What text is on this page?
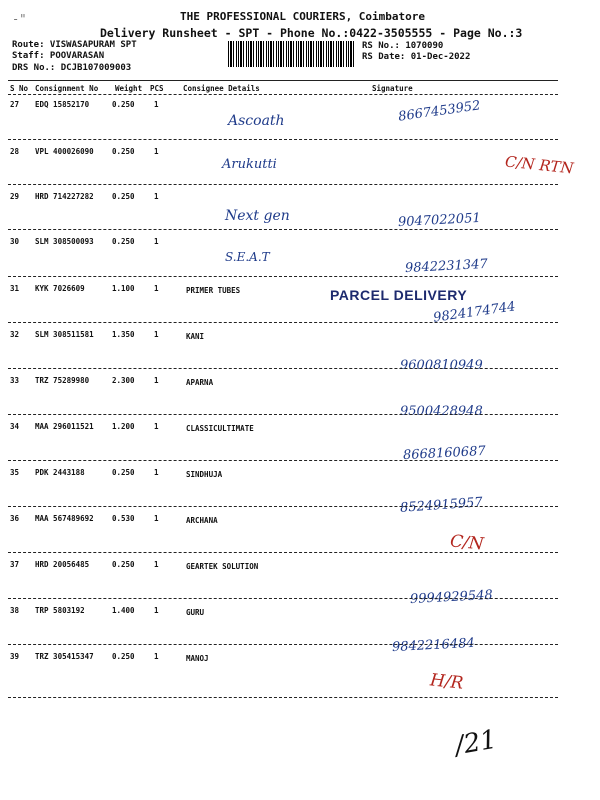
-"	THE PROFESSIONAL COURIERS, Coimbatore
Delivery Runsheet - SPT - Phone No.:0422-3505555 - Page No.:3
Route: VISWASAPURAM SPT
Staff: POOVARASAN
DRS No.: DCJB107009003
RS No.: 1070090
RS Date: 01-Dec-2022
S No Consignment No Weight PCS	Consignee Details	Signature
27 EDQ 15852170	0.250	1
Ascoath	8667453952
28 VPL 400026090 0.250	1
Arukutti	C/N RTN
29 HRD 714227282 0.250	1
Next gen	9047022051
30 SLM 308500093 0.250	1
S.E.A.T	9842231347
31 KYK 7026609	1.100	1	PRIMER TUBES
9824174744
32 SLM 308511581 1.350	1	KANI
9600810949
33 TRZ 75289980	2.300	1	APARNA
9500428948
34 MAA 296011521 1.200	1	CLASSICULTIMATE
8668160687
35 PDK 2443188	0.250	1	SINDHUJA
8524915957
36 MAA 567489692 0.530	1	ARCHANA
C/N
37 HRD 20056485	0.250	1	GEARTEK SOLUTION
9994929548
38 TRP 5803192	1.400	1	GURU
9842216484
39 TRZ 305415347 0.250	1	MANOJ
H/R
PARCEL DELIVERY
/21
